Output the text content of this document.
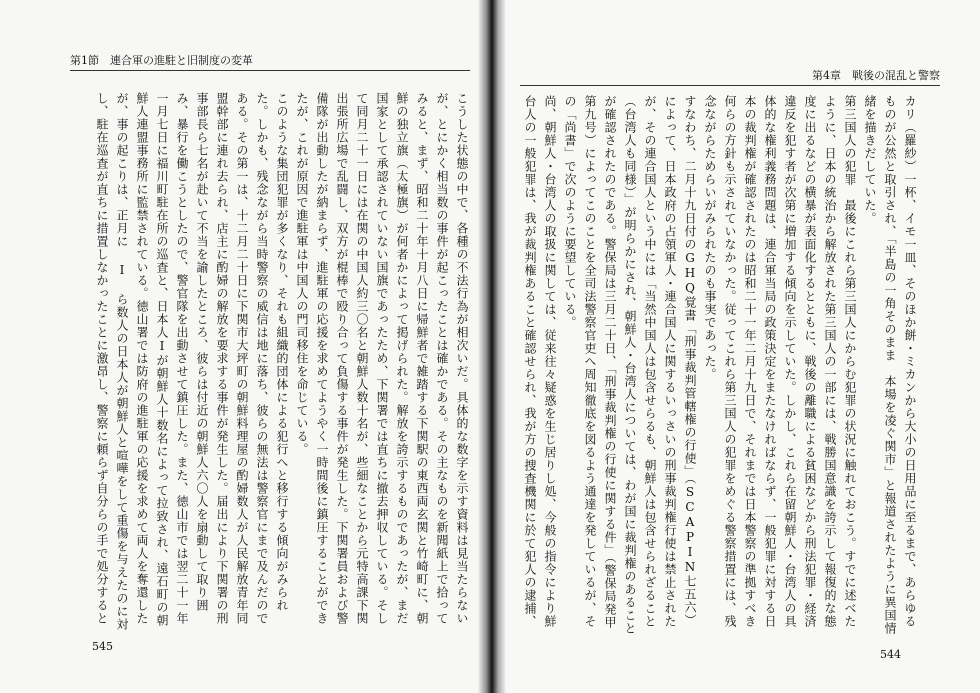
第1節　連合軍の進駐と旧制度の変革
こうした状態の中で、各種の不法行為が相次いだ。具体的な数字を示す資料は見当たらないが、とにかく相当数の事件が起こったことは確かである。その主なものを新聞紙上で拾ってみると、まず、昭和二十年十月八日に帰鮮者で雑踏する下関駅の東西両玄関と竹崎町に、朝鮮の独立旗（太極旗）が何者かによって掲げられた。解放を誇示するものであったが、まだ国家として承認されていない国旗であったため、下関署では直ちに撤去押収している。そして同月二十一日には在関の中国人約三〇名と朝鮮人数十名が、些細なことから元特高課下関出張所広場で乱闘し、双方が棍棒で殴り合って負傷する事件が発生した。下関署員および警備隊が出動したが納まらず、進駐軍の応援を求めてようやく一時間後に鎮圧することができたが、これが原因で進駐軍は中国人の門司移住を命じている。
このような集団犯罪が多くなり、それも組織的団体による犯行へと移行する傾向がみられた。しかも、残念ながら当時警察の威信は地に落ち、彼らの無法は警察官にまで及んだのである。その第一は、十二月二十日に下関市大坪町の朝鮮料理屋の酌婦数人が人民解放青年同盟幹部に連れ去られ、店主に酌婦の解放を要求する事件が発生した。届出により下関署の刑事部長ら七名が赴いて不当を諭したところ、彼らは付近の朝鮮人六〇人を扇動して取り囲み、暴行を働こうとしたので、警官隊を出動させて鎮圧した。また、徳山市では翌二十一年一月七日に福川町駐在所の巡査と、日本人Iが朝鮮人十数名によって拉致され、遠石町の朝鮮人連盟事務所に監禁されている。徳山署では防府の進駐軍の応援を求めて両人を奪還したが、事の起こりは、正月に I ら数人の日本人が朝鮮人と喧嘩をして重傷を与えたのに対し、駐在巡査が直ちに措置しなかったことに激昂し、警察に頼らず自分らの手で処分すると
545
第4章　戦後の混乱と警察
544
カリ（羅紗）一杯、イモ一皿、そのほか餅・ミカンから大小の日用品に至るまで、あらゆるものが公然と取引され、「半島の一角そのまま　本場を凌ぐ関市」と報道されたように異国情緒を描きだしていた。
第三国人の犯罪　最後にこれら第三国人にからむ犯罪の状況に触れておこう。すでに述べたように、日本の統治から解放された第三国人の一部には、戦勝国意識を誇示して報復的な態度に出るなどの横暴が表面化するとともに、戦後の離職による貧困などから刑法犯罪・経済違反を犯す者が次第に増加する傾向を示していた。しかし、これら在留朝鮮人・台湾人の具体的な権利義務問題は、連合軍当局の政策決定をまたなければならず、一般犯罪に対する日本の裁判権が確認されたのは昭和二十一年二月十九日で、それまでは日本警察の準拠すべき何らの方針も示されていなかった。従ってこれら第三国人の犯罪をめぐる警察措置には、残念ながらためらいがみられたのも事実であった。
すなわち、二月十九日付のGHQ覚書「刑事裁判管轄権の行使」（SCAPIN七五六）によって、日本政府の占領軍人・連合国人に関するいっさいの刑事裁判権行使は禁止されたが、その連合国人という中には「当然中国人は包含せらるも、朝鮮人は包含せられざること（台湾人も同様）」が明らかにされ、朝鮮人・台湾人については、わが国に裁判権のあることが確認されたのである。警保局は三月二十日、「刑事裁判権の行使に関する件」（警保局発甲第九号）によってこのことを全司法警察官吏へ周知徹底を図るよう通達を発しているが、その「尚書」で次のように要望している。
尚、朝鮮人・台湾人の取扱に関しては、従来往々疑惑を生じ居りし処、今般の指令により鮮台人の一般犯罪は、我が裁判権あること確認せられ、我が方の捜査機関に於て犯人の逮捕、
